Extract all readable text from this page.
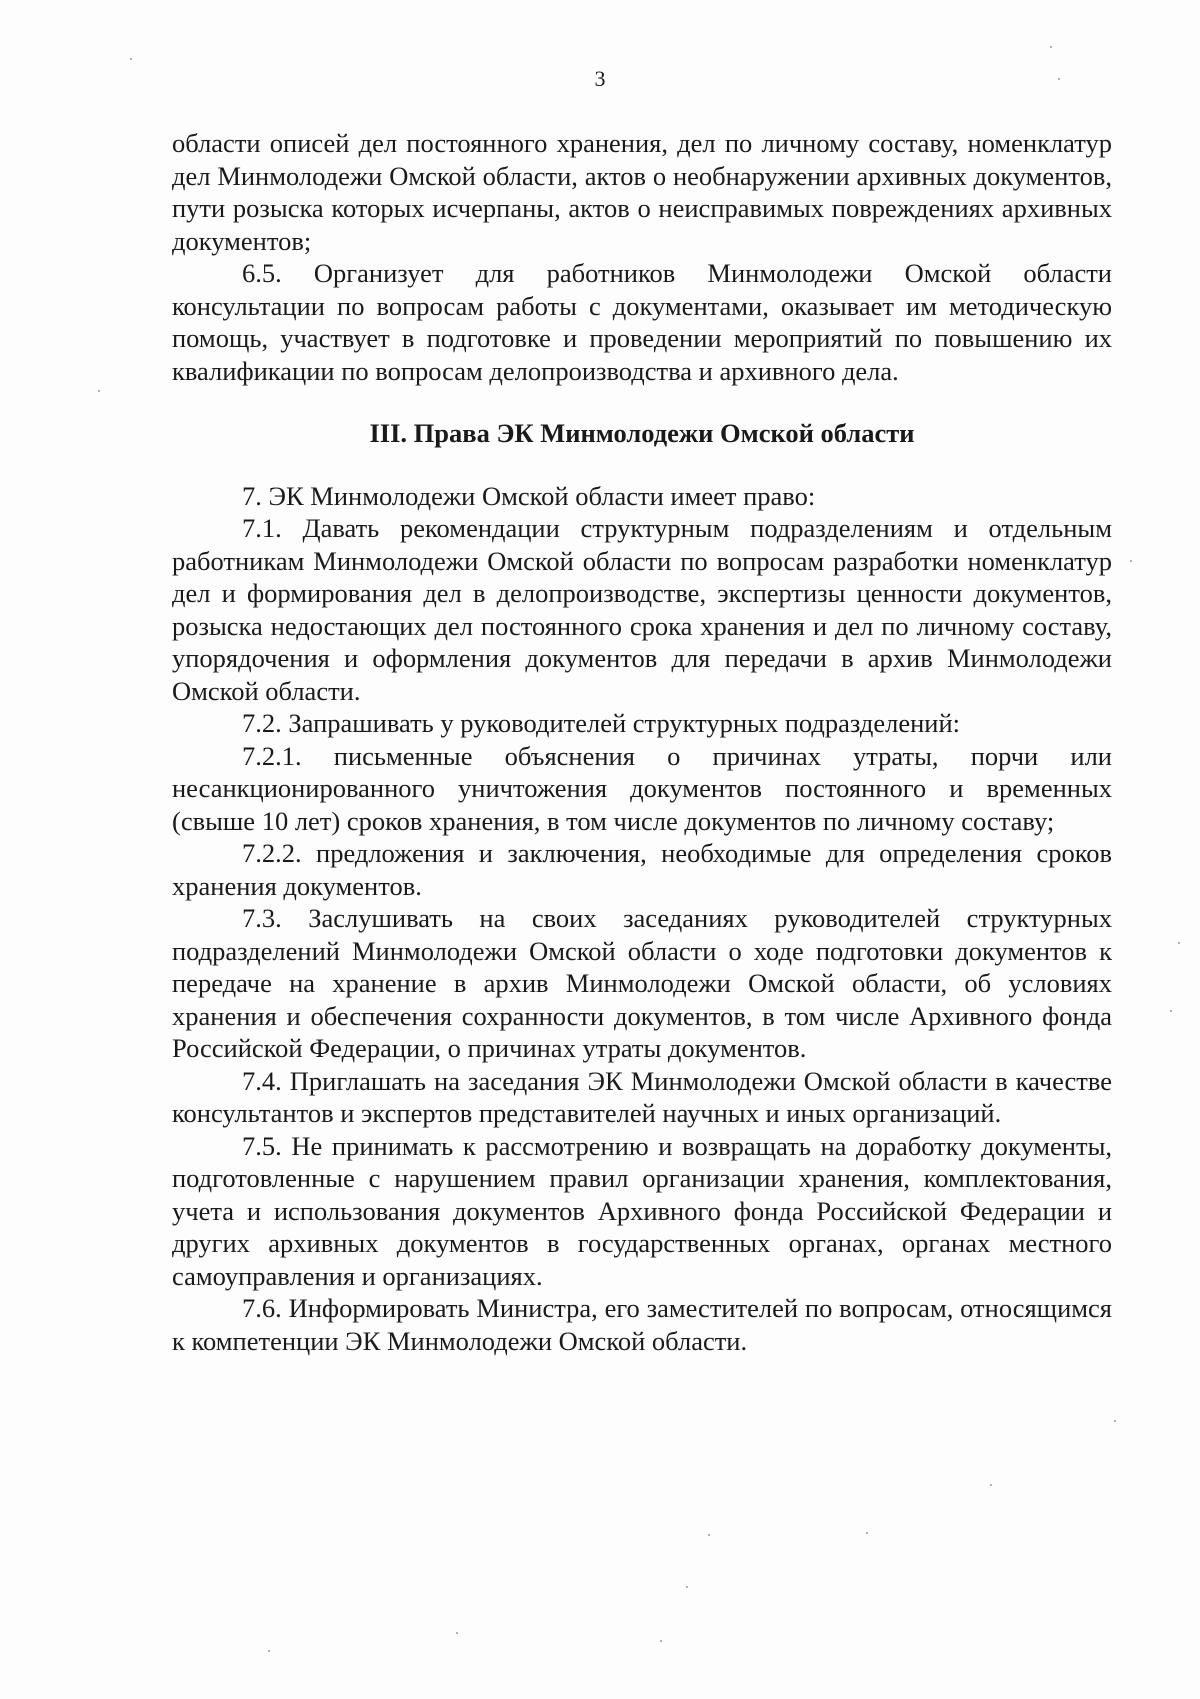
3

области описей дел постоянного хранения, дел по личному составу, номенклатур дел Минмолодежи Омской области, актов о необнаружении архивных документов, пути розыска которых исчерпаны, актов о неисправимых повреждениях архивных документов;

6.5. Организует для работников Минмолодежи Омской области консультации по вопросам работы с документами, оказывает им методическую помощь, участвует в подготовке и проведении мероприятий по повышению их квалификации по вопросам делопроизводства и архивного дела.

III. Права ЭК Минмолодежи Омской области

7. ЭК Минмолодежи Омской области имеет право:

7.1. Давать рекомендации структурным подразделениям и отдельным работникам Минмолодежи Омской области по вопросам разработки номенклатур дел и формирования дел в делопроизводстве, экспертизы ценности документов, розыска недостающих дел постоянного срока хранения и дел по личному составу, упорядочения и оформления документов для передачи в архив Минмолодежи Омской области.

7.2. Запрашивать у руководителей структурных подразделений:

7.2.1. письменные объяснения о причинах утраты, порчи или несанкционированного уничтожения документов постоянного и временных (свыше 10 лет) сроков хранения, в том числе документов по личному составу;

7.2.2. предложения и заключения, необходимые для определения сроков хранения документов.

7.3. Заслушивать на своих заседаниях руководителей структурных подразделений Минмолодежи Омской области о ходе подготовки документов к передаче на хранение в архив Минмолодежи Омской области, об условиях хранения и обеспечения сохранности документов, в том числе Архивного фонда Российской Федерации, о причинах утраты документов.

7.4. Приглашать на заседания ЭК Минмолодежи Омской области в качестве консультантов и экспертов представителей научных и иных организаций.

7.5. Не принимать к рассмотрению и возвращать на доработку документы, подготовленные с нарушением правил организации хранения, комплектования, учета и использования документов Архивного фонда Российской Федерации и других архивных документов в государственных органах, органах местного самоуправления и организациях.

7.6. Информировать Министра, его заместителей по вопросам, относящимся к компетенции ЭК Минмолодежи Омской области.
